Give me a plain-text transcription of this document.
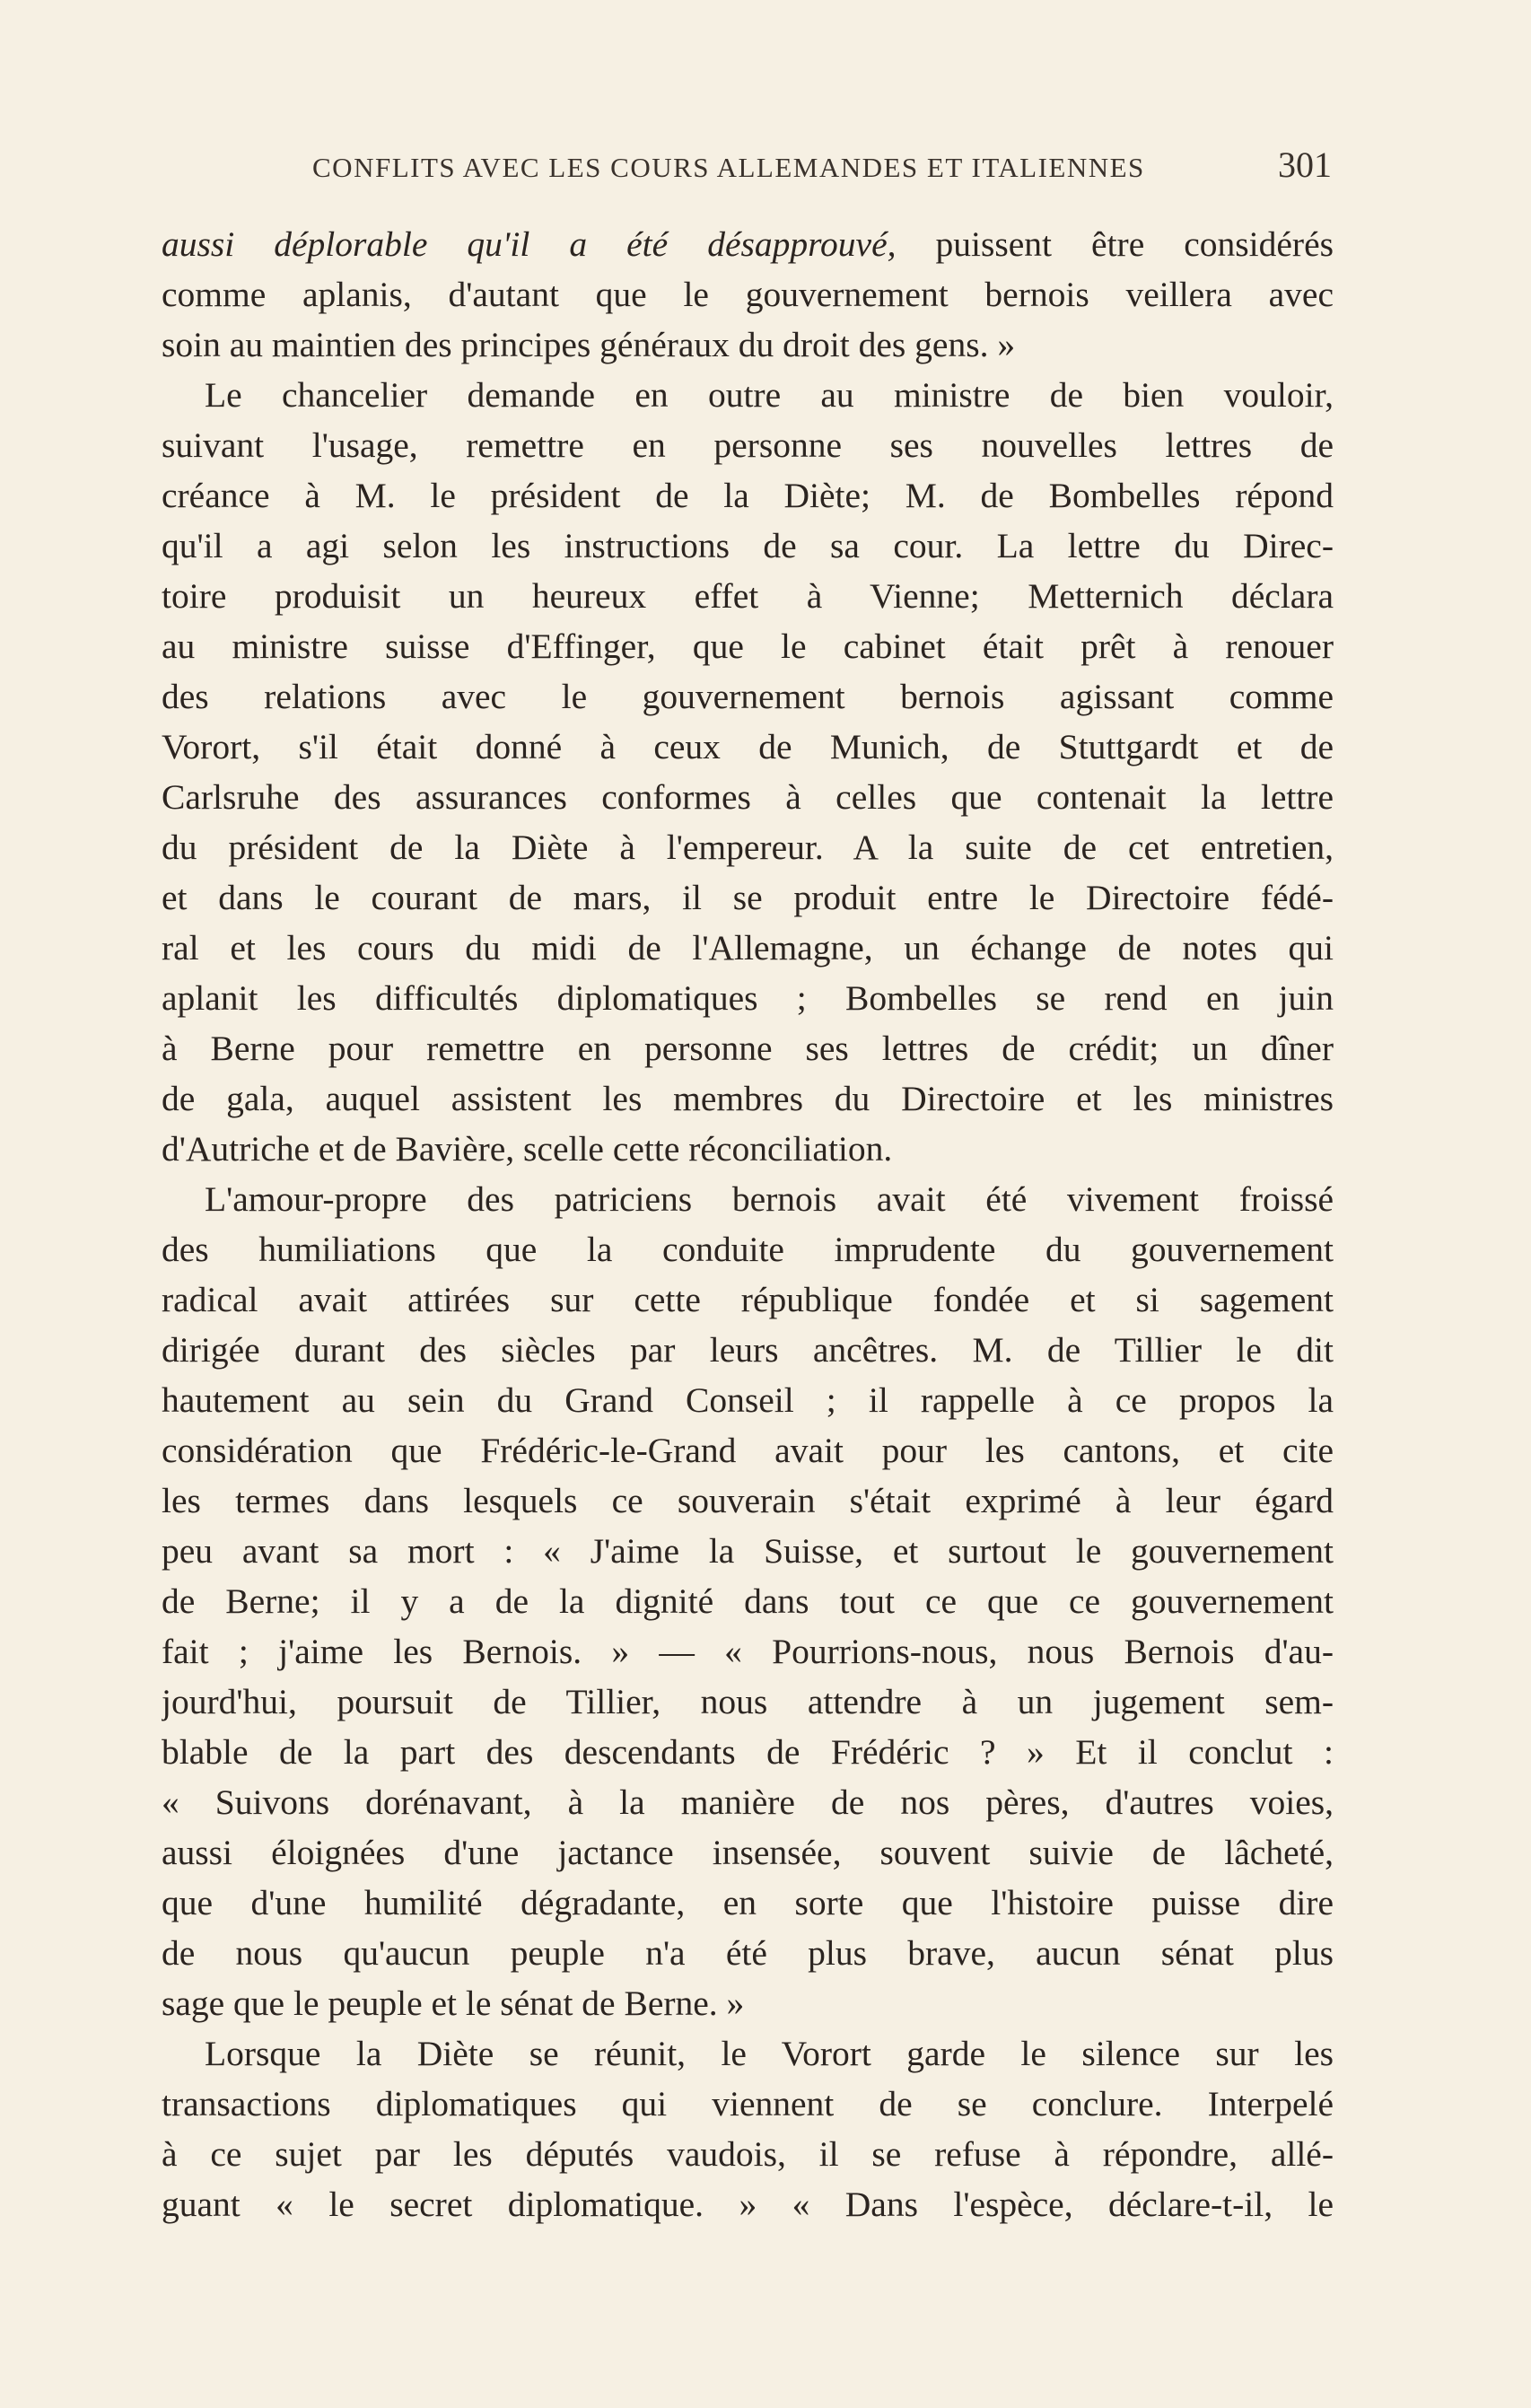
CONFLITS AVEC LES COURS ALLEMANDES ET ITALIENNES	301
aussi déplorable qu'il a été désapprouvé, puissent être considérés
comme aplanis, d'autant que le gouvernement bernois veillera avec
soin au maintien des principes généraux du droit des gens. »
Le chancelier demande en outre au ministre de bien vouloir,
suivant l'usage, remettre en personne ses nouvelles lettres de
créance à M. le président de la Diète; M. de Bombelles répond
qu'il a agi selon les instructions de sa cour. La lettre du Direc-
toire produisit un heureux effet à Vienne; Metternich déclara
au ministre suisse d'Effinger, que le cabinet était prêt à renouer
des relations avec le gouvernement bernois agissant comme
Vorort, s'il était donné à ceux de Munich, de Stuttgardt et de
Carlsruhe des assurances conformes à celles que contenait la lettre
du président de la Diète à l'empereur. A la suite de cet entretien,
et dans le courant de mars, il se produit entre le Directoire fédé-
ral et les cours du midi de l'Allemagne, un échange de notes qui
aplanit les difficultés diplomatiques ; Bombelles se rend en juin
à Berne pour remettre en personne ses lettres de crédit; un dîner
de gala, auquel assistent les membres du Directoire et les ministres
d'Autriche et de Bavière, scelle cette réconciliation.
L'amour-propre des patriciens bernois avait été vivement froissé
des humiliations que la conduite imprudente du gouvernement
radical avait attirées sur cette république fondée et si sagement
dirigée durant des siècles par leurs ancêtres. M. de Tillier le dit
hautement au sein du Grand Conseil ; il rappelle à ce propos la
considération que Frédéric-le-Grand avait pour les cantons, et cite
les termes dans lesquels ce souverain s'était exprimé à leur égard
peu avant sa mort : « J'aime la Suisse, et surtout le gouvernement
de Berne; il y a de la dignité dans tout ce que ce gouvernement
fait ; j'aime les Bernois. » — « Pourrions-nous, nous Bernois d'au-
jourd'hui, poursuit de Tillier, nous attendre à un jugement sem-
blable de la part des descendants de Frédéric ? » Et il conclut :
« Suivons dorénavant, à la manière de nos pères, d'autres voies,
aussi éloignées d'une jactance insensée, souvent suivie de lâcheté,
que d'une humilité dégradante, en sorte que l'histoire puisse dire
de nous qu'aucun peuple n'a été plus brave, aucun sénat plus
sage que le peuple et le sénat de Berne. »
Lorsque la Diète se réunit, le Vorort garde le silence sur les
transactions diplomatiques qui viennent de se conclure. Interpelé
à ce sujet par les députés vaudois, il se refuse à répondre, allé-
guant « le secret diplomatique. » « Dans l'espèce, déclare-t-il, le
